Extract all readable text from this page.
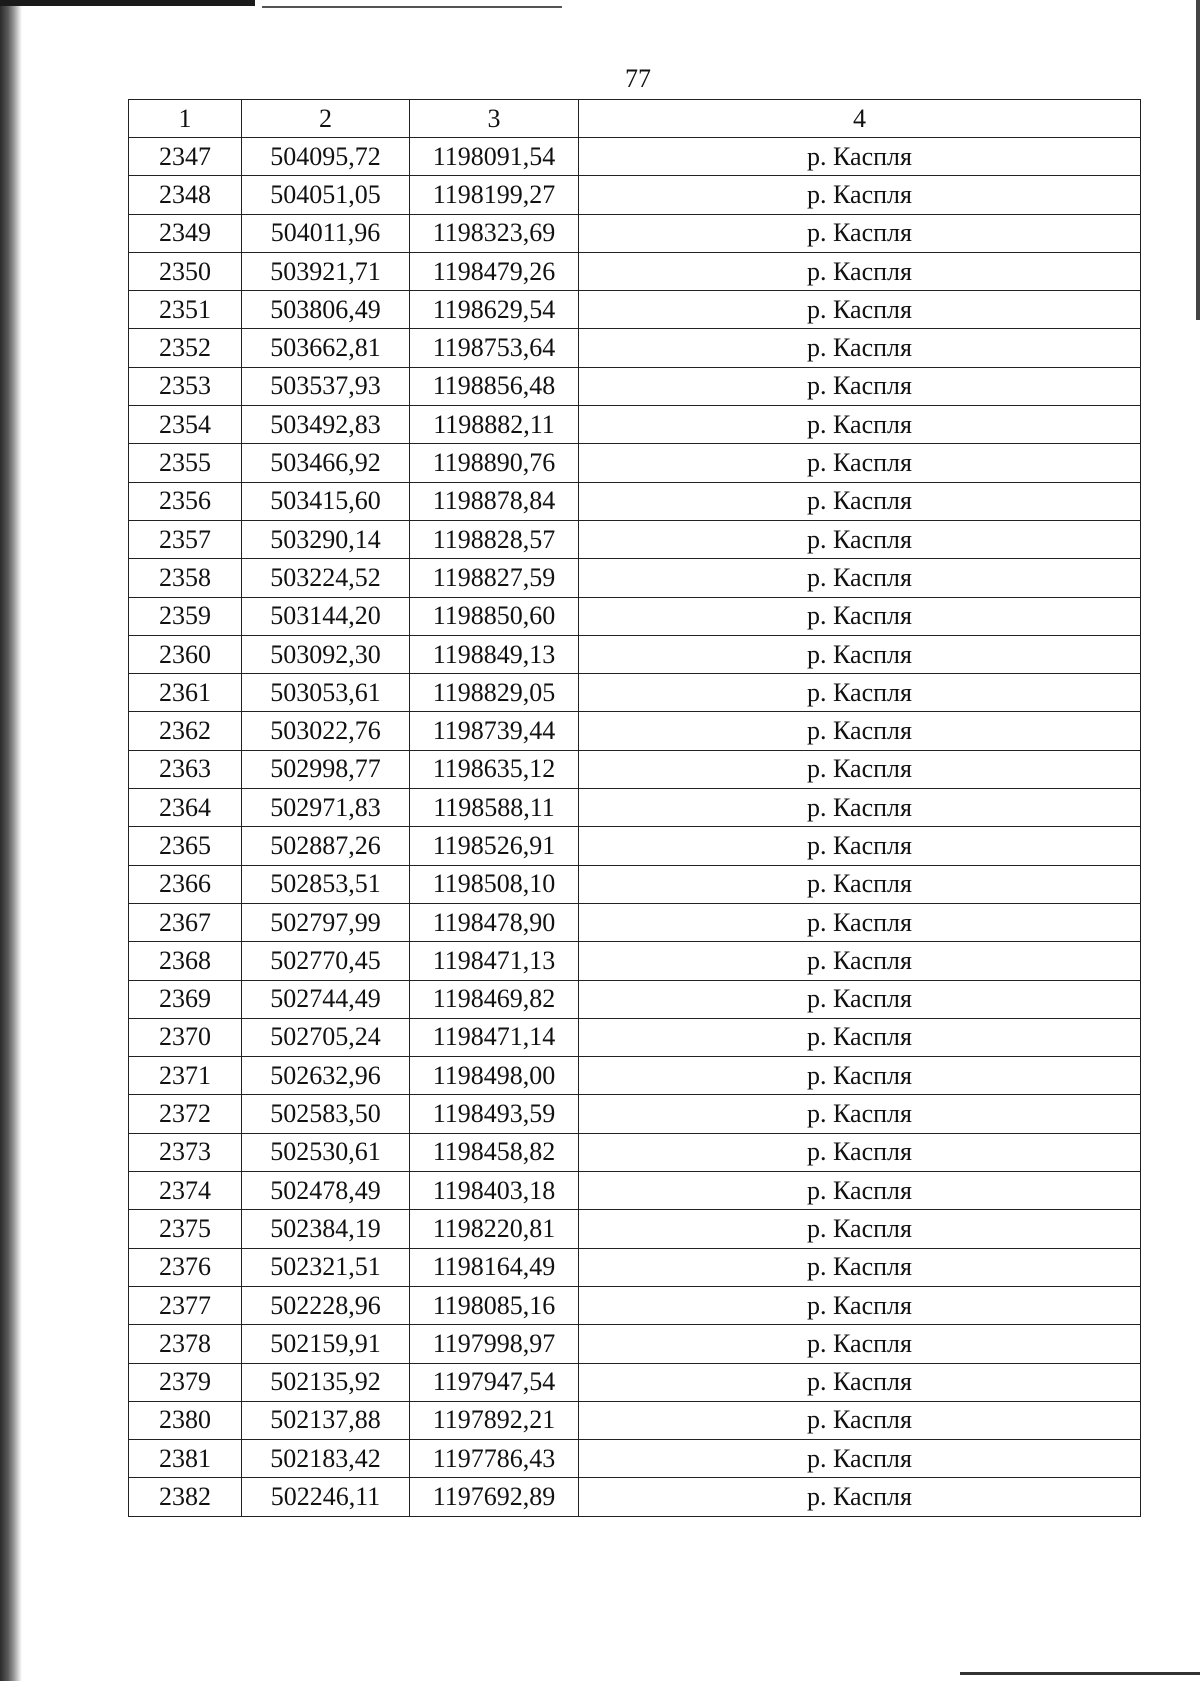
77
1	2	3	4
2347	504095,72	1198091,54	р. Каспля
2348	504051,05	1198199,27	р. Каспля
2349	504011,96	1198323,69	р. Каспля
2350	503921,71	1198479,26	р. Каспля
2351	503806,49	1198629,54	р. Каспля
2352	503662,81	1198753,64	р. Каспля
2353	503537,93	1198856,48	р. Каспля
2354	503492,83	1198882,11	р. Каспля
2355	503466,92	1198890,76	р. Каспля
2356	503415,60	1198878,84	р. Каспля
2357	503290,14	1198828,57	р. Каспля
2358	503224,52	1198827,59	р. Каспля
2359	503144,20	1198850,60	р. Каспля
2360	503092,30	1198849,13	р. Каспля
2361	503053,61	1198829,05	р. Каспля
2362	503022,76	1198739,44	р. Каспля
2363	502998,77	1198635,12	р. Каспля
2364	502971,83	1198588,11	р. Каспля
2365	502887,26	1198526,91	р. Каспля
2366	502853,51	1198508,10	р. Каспля
2367	502797,99	1198478,90	р. Каспля
2368	502770,45	1198471,13	р. Каспля
2369	502744,49	1198469,82	р. Каспля
2370	502705,24	1198471,14	р. Каспля
2371	502632,96	1198498,00	р. Каспля
2372	502583,50	1198493,59	р. Каспля
2373	502530,61	1198458,82	р. Каспля
2374	502478,49	1198403,18	р. Каспля
2375	502384,19	1198220,81	р. Каспля
2376	502321,51	1198164,49	р. Каспля
2377	502228,96	1198085,16	р. Каспля
2378	502159,91	1197998,97	р. Каспля
2379	502135,92	1197947,54	р. Каспля
2380	502137,88	1197892,21	р. Каспля
2381	502183,42	1197786,43	р. Каспля
2382	502246,11	1197692,89	р. Каспля
